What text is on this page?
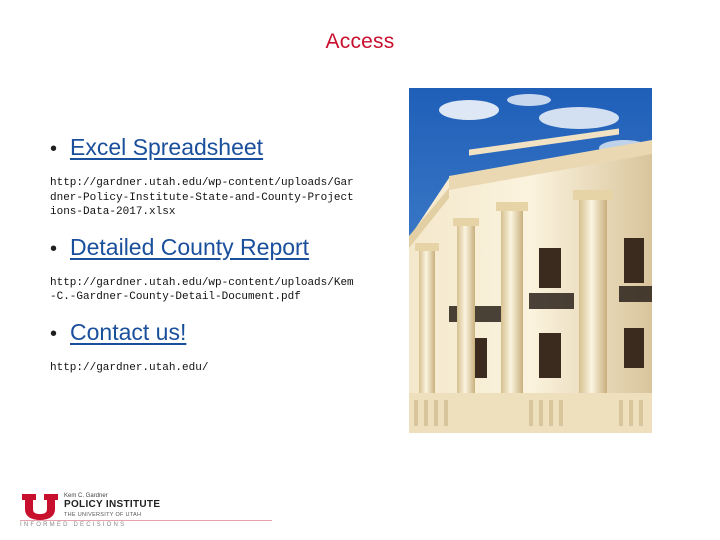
Access
• Excel Spreadsheet
http://gardner.utah.edu/wp-content/uploads/Gardner-Policy-Institute-State-and-County-Projections-Data-2017.xlsx
• Detailed County Report
http://gardner.utah.edu/wp-content/uploads/Kem-C.-Gardner-County-Detail-Document.pdf
• Contact us!
http://gardner.utah.edu/
Kem C. Gardner
POLICY INSTITUTE
THE UNIVERSITY OF UTAH
INFORMED DECISIONS
